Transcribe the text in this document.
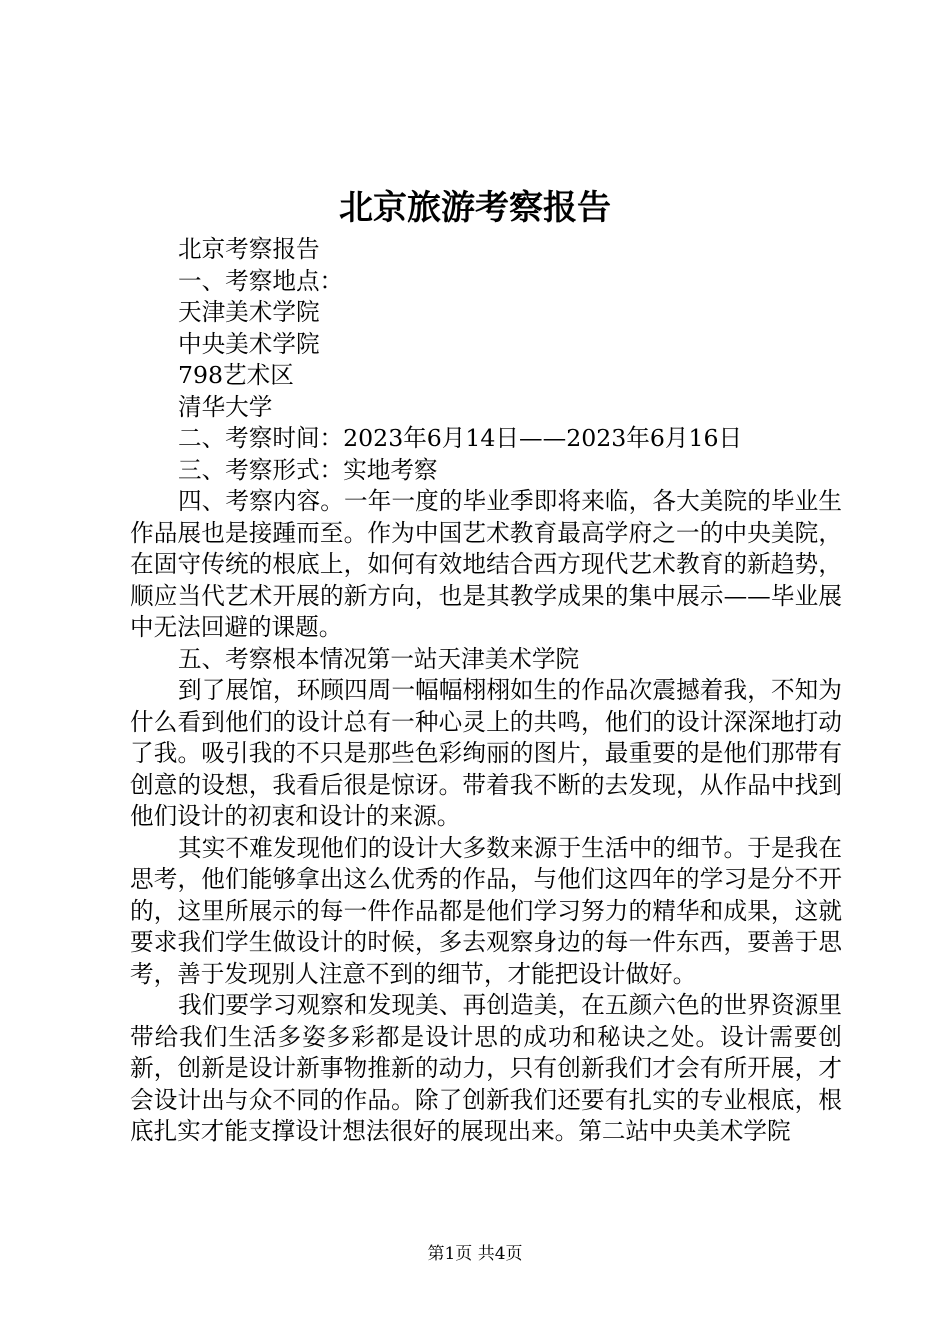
北京旅游考察报告

北京考察报告

一、考察地点：

天津美术学院

中央美术学院

798艺术区

清华大学

二、考察时间：2023年6月14日——2023年6月16日

三、考察形式：实地考察

四、考察内容。一年一度的毕业季即将来临，各大美院的毕业生作品展也是接踵而至。作为中国艺术教育最高学府之一的中央美院，在固守传统的根底上，如何有效地结合西方现代艺术教育的新趋势，顺应当代艺术开展的新方向，也是其教学成果的集中展示——毕业展中无法回避的课题。

五、考察根本情况第一站天津美术学院

到了展馆，环顾四周一幅幅栩栩如生的作品次震撼着我，不知为什么看到他们的设计总有一种心灵上的共鸣，他们的设计深深地打动了我。吸引我的不只是那些色彩绚丽的图片，最重要的是他们那带有创意的设想，我看后很是惊讶。带着我不断的去发现，从作品中找到他们设计的初衷和设计的来源。

其实不难发现他们的设计大多数来源于生活中的细节。于是我在思考，他们能够拿出这么优秀的作品，与他们这四年的学习是分不开的，这里所展示的每一件作品都是他们学习努力的精华和成果，这就要求我们学生做设计的时候，多去观察身边的每一件东西，要善于思考，善于发现别人注意不到的细节，才能把设计做好。

我们要学习观察和发现美、再创造美，在五颜六色的世界资源里带给我们生活多姿多彩都是设计思的成功和秘诀之处。设计需要创新，创新是设计新事物推新的动力，只有创新我们才会有所开展，才会设计出与众不同的作品。除了创新我们还要有扎实的专业根底，根底扎实才能支撑设计想法很好的展现出来。第二站中央美术学院

第1页 共4页
